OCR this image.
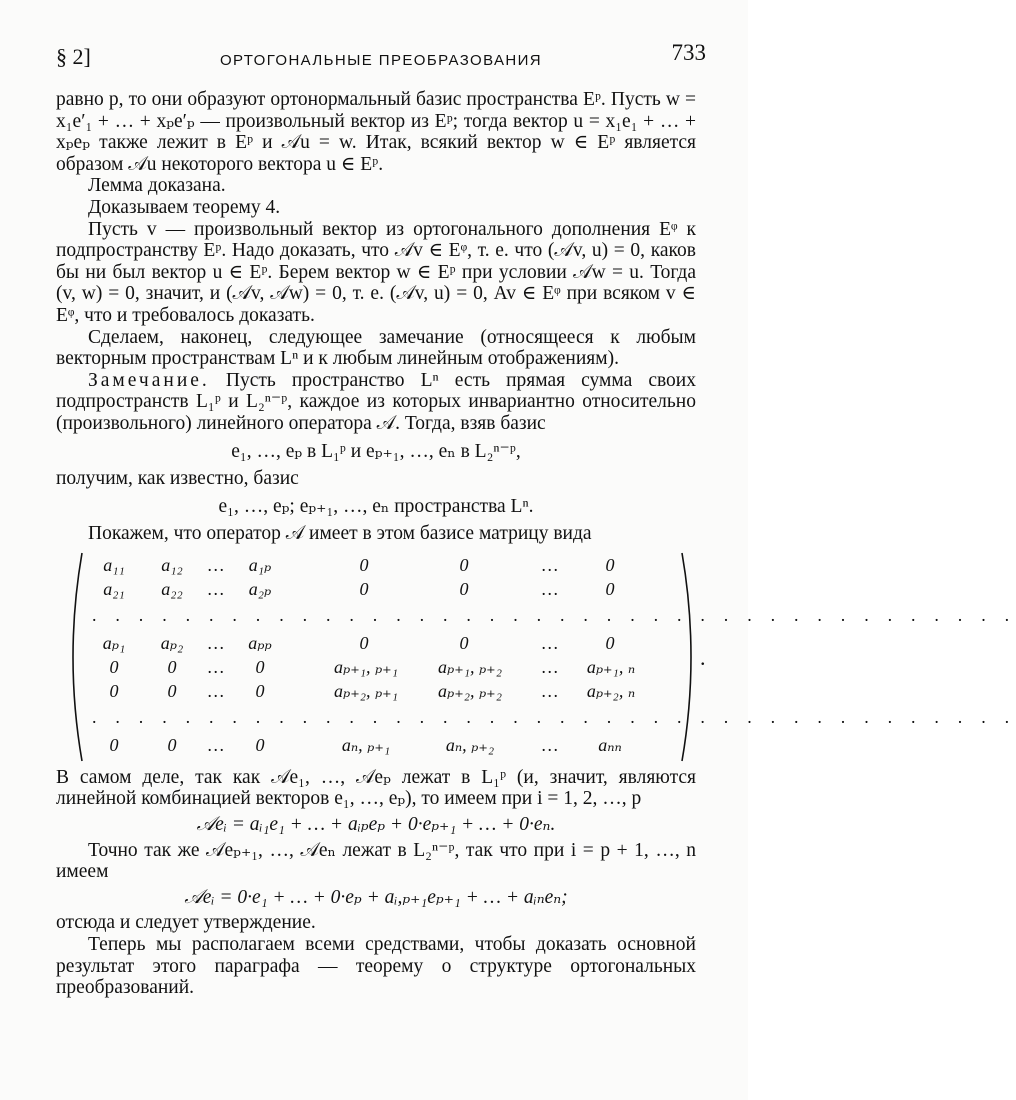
§ 2]	ОРТОГОНАЛЬНЫЕ ПРЕОБРАЗОВАНИЯ	733

равно p, то они образуют ортонормальный базис пространства Eᵖ. Пусть w = x₁e′₁ + … + xₚe′ₚ — произвольный вектор из Eᵖ; тогда вектор u = x₁e₁ + … + xₚeₚ также лежит в Eᵖ и 𝒜u = w. Итак, всякий вектор w ∈ Eᵖ является образом 𝒜u некоторого вектора u ∈ Eᵖ.

Лемма доказана.

Доказываем теорему 4.

Пусть v — произвольный вектор из ортогонального дополнения Eᵠ к подпространству Eᵖ. Надо доказать, что 𝒜v ∈ Eᵠ, т. е. что (𝒜v, u) = 0, каков бы ни был вектор u ∈ Eᵖ. Берем вектор w ∈ Eᵖ при условии 𝒜w = u. Тогда (v, w) = 0, значит, и (𝒜v, 𝒜w) = 0, т. е. (𝒜v, u) = 0, Av ∈ Eᵠ при всяком v ∈ Eᵠ, что и требовалось доказать.

Сделаем, наконец, следующее замечание (относящееся к любым векторным пространствам Lⁿ и к любым линейным отображениям).

Замечание. Пусть пространство Lⁿ есть прямая сумма своих подпространств L₁ᵖ и L₂ⁿ⁻ᵖ, каждое из которых инвариантно относительно (произвольного) линейного оператора 𝒜. Тогда, взяв базис

e₁, …, eₚ в L₁ᵖ и eₚ₊₁, …, eₙ в L₂ⁿ⁻ᵖ,

получим, как известно, базис

e₁, …, eₚ; eₚ₊₁, …, eₙ пространства Lⁿ.

Покажем, что оператор 𝒜 имеет в этом базисе матрицу вида

a₁₁	a₁₂	…	a₁ₚ	0	0	…	0
a₂₁	a₂₂	…	a₂ₚ	0	0	…	0
. . . . . . . . . . . . . . . . . . . . . . . . . . . . . . . . . . . . . . . .
aₚ₁	aₚ₂	…	aₚₚ	0	0	…	0
0	0	…	0	aₚ₊₁, ₚ₊₁	aₚ₊₁, ₚ₊₂	…	aₚ₊₁, ₙ
0	0	…	0	aₚ₊₂, ₚ₊₁	aₚ₊₂, ₚ₊₂	…	aₚ₊₂, ₙ
. . . . . . . . . . . . . . . . . . . . . . . . . . . . . . . . . . . . . . . .
0	0	…	0	aₙ, ₚ₊₁	aₙ, ₚ₊₂	…	aₙₙ
.

В самом деле, так как 𝒜e₁, …, 𝒜eₚ лежат в L₁ᵖ (и, значит, являются линейной комбинацией векторов e₁, …, eₚ), то имеем при i = 1, 2, …, p

𝒜eᵢ = aᵢ₁e₁ + … + aᵢₚeₚ + 0·eₚ₊₁ + … + 0·eₙ.

Точно так же 𝒜eₚ₊₁, …, 𝒜eₙ лежат в L₂ⁿ⁻ᵖ, так что при i = p + 1, …, n имеем

𝒜eᵢ = 0·e₁ + … + 0·eₚ + aᵢ,ₚ₊₁eₚ₊₁ + … + aᵢₙeₙ;

отсюда и следует утверждение.

Теперь мы располагаем всеми средствами, чтобы доказать основной результат этого параграфа — теорему о структуре ортогональных преобразований.
